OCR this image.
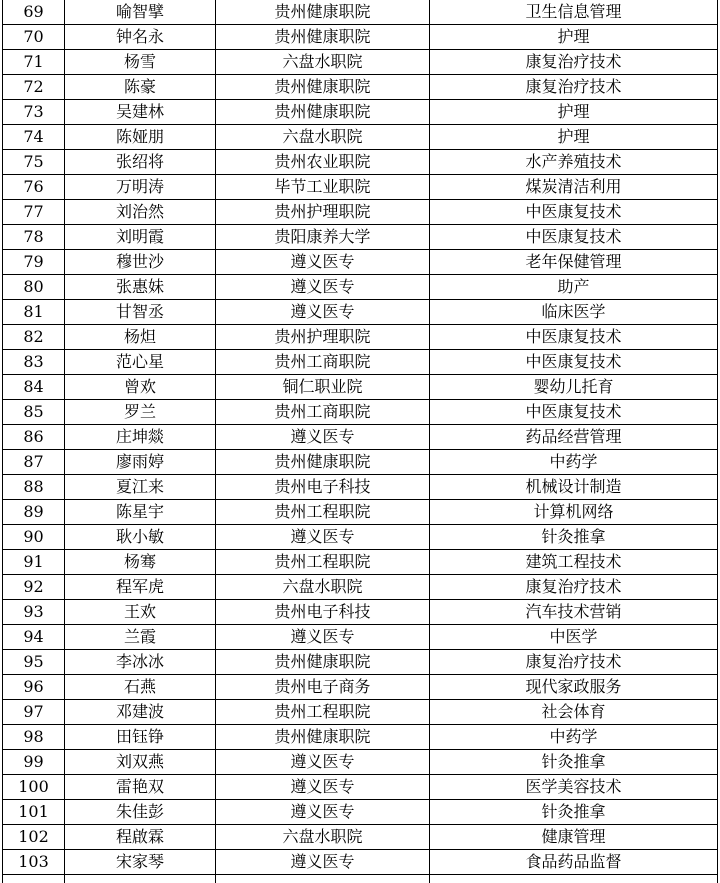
69	喻智擘	贵州健康职院	卫生信息管理
70	钟名永	贵州健康职院	护理
71	杨雪	六盘水职院	康复治疗技术
72	陈豪	贵州健康职院	康复治疗技术
73	吴建林	贵州健康职院	护理
74	陈娅朋	六盘水职院	护理
75	张绍将	贵州农业职院	水产养殖技术
76	万明涛	毕节工业职院	煤炭清洁利用
77	刘治然	贵州护理职院	中医康复技术
78	刘明霞	贵阳康养大学	中医康复技术
79	穆世沙	遵义医专	老年保健管理
80	张惠妹	遵义医专	助产
81	甘智丞	遵义医专	临床医学
82	杨炟	贵州护理职院	中医康复技术
83	范心星	贵州工商职院	中医康复技术
84	曾欢	铜仁职业院	婴幼儿托育
85	罗兰	贵州工商职院	中医康复技术
86	庄坤燚	遵义医专	药品经营管理
87	廖雨婷	贵州健康职院	中药学
88	夏江来	贵州电子科技	机械设计制造
89	陈星宇	贵州工程职院	计算机网络
90	耿小敏	遵义医专	针灸推拿
91	杨骞	贵州工程职院	建筑工程技术
92	程军虎	六盘水职院	康复治疗技术
93	王欢	贵州电子科技	汽车技术营销
94	兰霞	遵义医专	中医学
95	李冰冰	贵州健康职院	康复治疗技术
96	石燕	贵州电子商务	现代家政服务
97	邓建波	贵州工程职院	社会体育
98	田钰铮	贵州健康职院	中药学
99	刘双燕	遵义医专	针灸推拿
100	雷艳双	遵义医专	医学美容技术
101	朱佳彭	遵义医专	针灸推拿
102	程啟霖	六盘水职院	健康管理
103	宋家琴	遵义医专	食品药品监督
